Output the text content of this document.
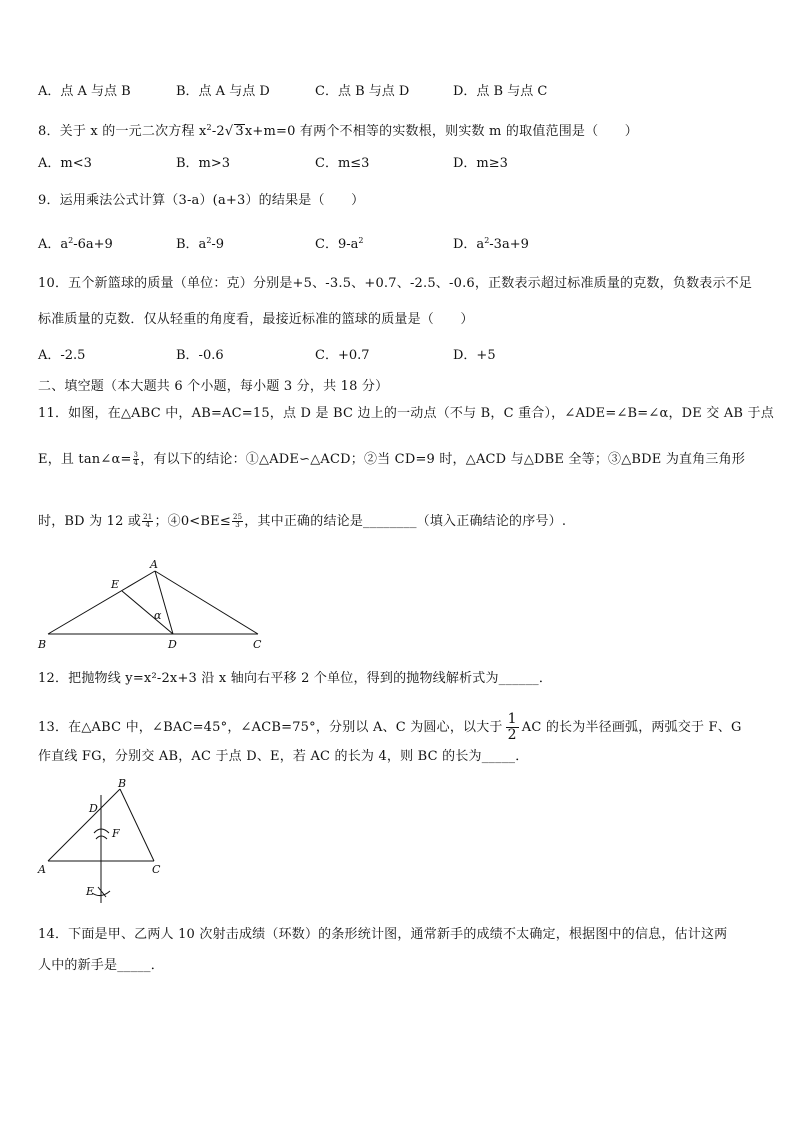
A．点 A 与点 B	B．点 A 与点 D	C．点 B 与点 D	D．点 B 与点 C
8．关于 x 的一元二次方程 $x^2-2√$ 3x+m=0 有两个不相等的实数根，则实数 m 的取值范围是（　　）
A．m<3	B．m>3	C．m≤3	D．m≥3
9．运用乘法公式计算（3-a）(a+3）的结果是（　　）
A．$a^2-6a+9$	B．$a^2-9$	C．$9-a^2$	D．$a^2-3a+9$
10．五个新篮球的质量（单位：克）分别是+5、-3.5、+0.7、-2.5、-0.6，正数表示超过标准质量的克数，负数表示不足
标准质量的克数．仅从轻重的角度看，最接近标准的篮球的质量是（　　）
A．-2.5	B．-0.6	C．+0.7	D．+5
二、填空题（本大题共 6 个小题，每小题 3 分，共 18 分）
11．如图，在△ABC 中，AB=AC=15，点 D 是 BC 边上的一动点（不与 B，C 重合），∠ADE=∠B=∠α，DE 交 AB 于点
E，且 tan∠α= $\frac{3}{4}$ ，有以下的结论：①△ADE∽△ACD；②当 CD=9 时，△ACD 与△DBE 全等；③△BDE 为直角三角形
时，BD 为 12 或 $\frac{21}{4}$ ；④0<BE≤ $\frac{25}{3}$ ，其中正确的结论是________（填入正确结论的序号）.
A
B	C
D
E
α
12．把抛物线 y=x²-2x+3 沿 x 轴向右平移 2 个单位，得到的抛物线解析式为______．
13．在△ABC 中，∠BAC=45°，∠ACB=75°，分别以 A、C 为圆心，以大于 $\frac{1}{2}$ AC 的长为半径画弧，两弧交于 F、G
作直线 FG，分别交 AB，AC 于点 D、E，若 AC 的长为 4，则 BC 的长为_____．
A
B
C
D
E
F
14．下面是甲、乙两人 10 次射击成绩（环数）的条形统计图，通常新手的成绩不太确定，根据图中的信息，估计这两
人中的新手是_____．
